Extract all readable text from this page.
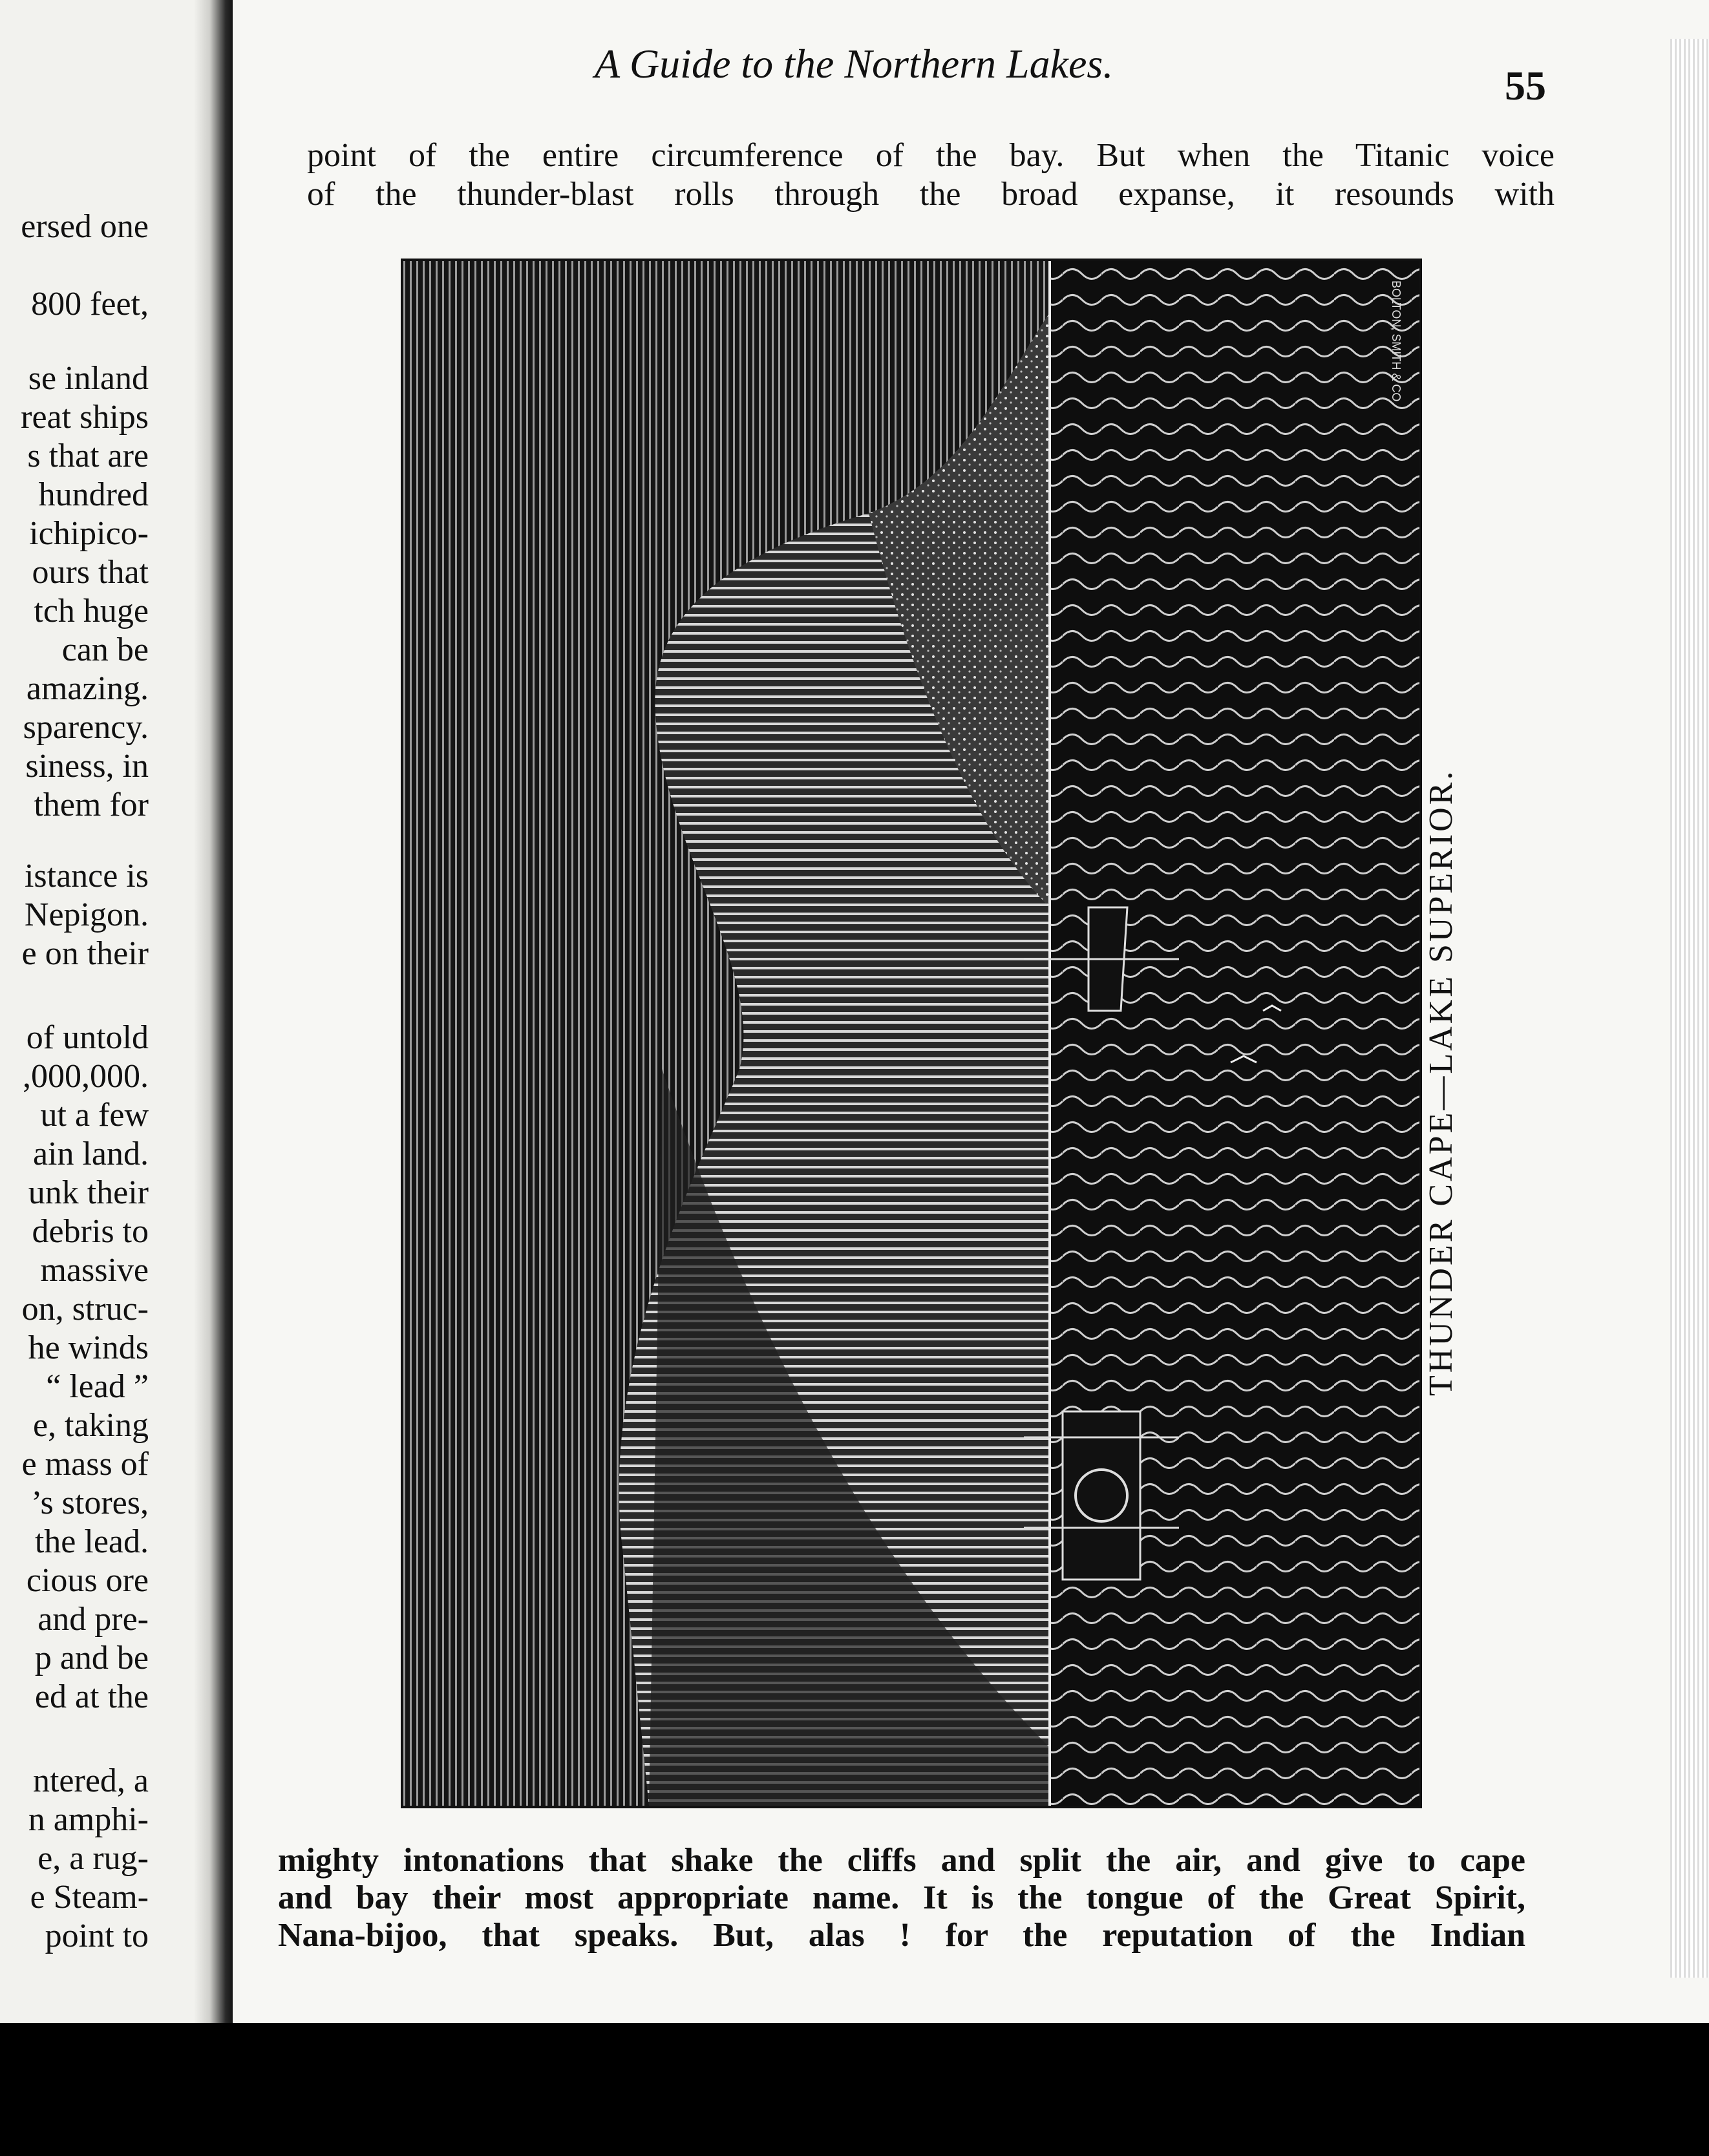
ersed one
800 feet,
se inland
reat ships
s that are
hundred
ichipico-
ours that
tch huge
can be
amazing.
sparency.
siness, in
them for
istance is
Nepigon.
e on their
of untold
,000,000.
ut a few
ain land.
unk their
debris to
massive
on, struc-
he winds
“ lead ”
e, taking
e mass of
’s stores,
the lead.
cious ore
and pre-
p and be
ed at the
ntered, a
n amphi-
e, a rug-
e Steam-
point to
A Guide to the Northern Lakes.	55
point of the entire circumference of the bay. But when the Titanic voice
of the thunder-blast rolls through the broad expanse, it resounds with
BOLTON, SMITH & CO.
THUNDER CAPE—LAKE SUPERIOR.
mighty intonations that shake the cliffs and split the air, and give to cape
and bay their most appropriate name. It is the tongue of the Great Spirit,
Nana-bijoo, that speaks. But, alas ! for the reputation of the Indian
